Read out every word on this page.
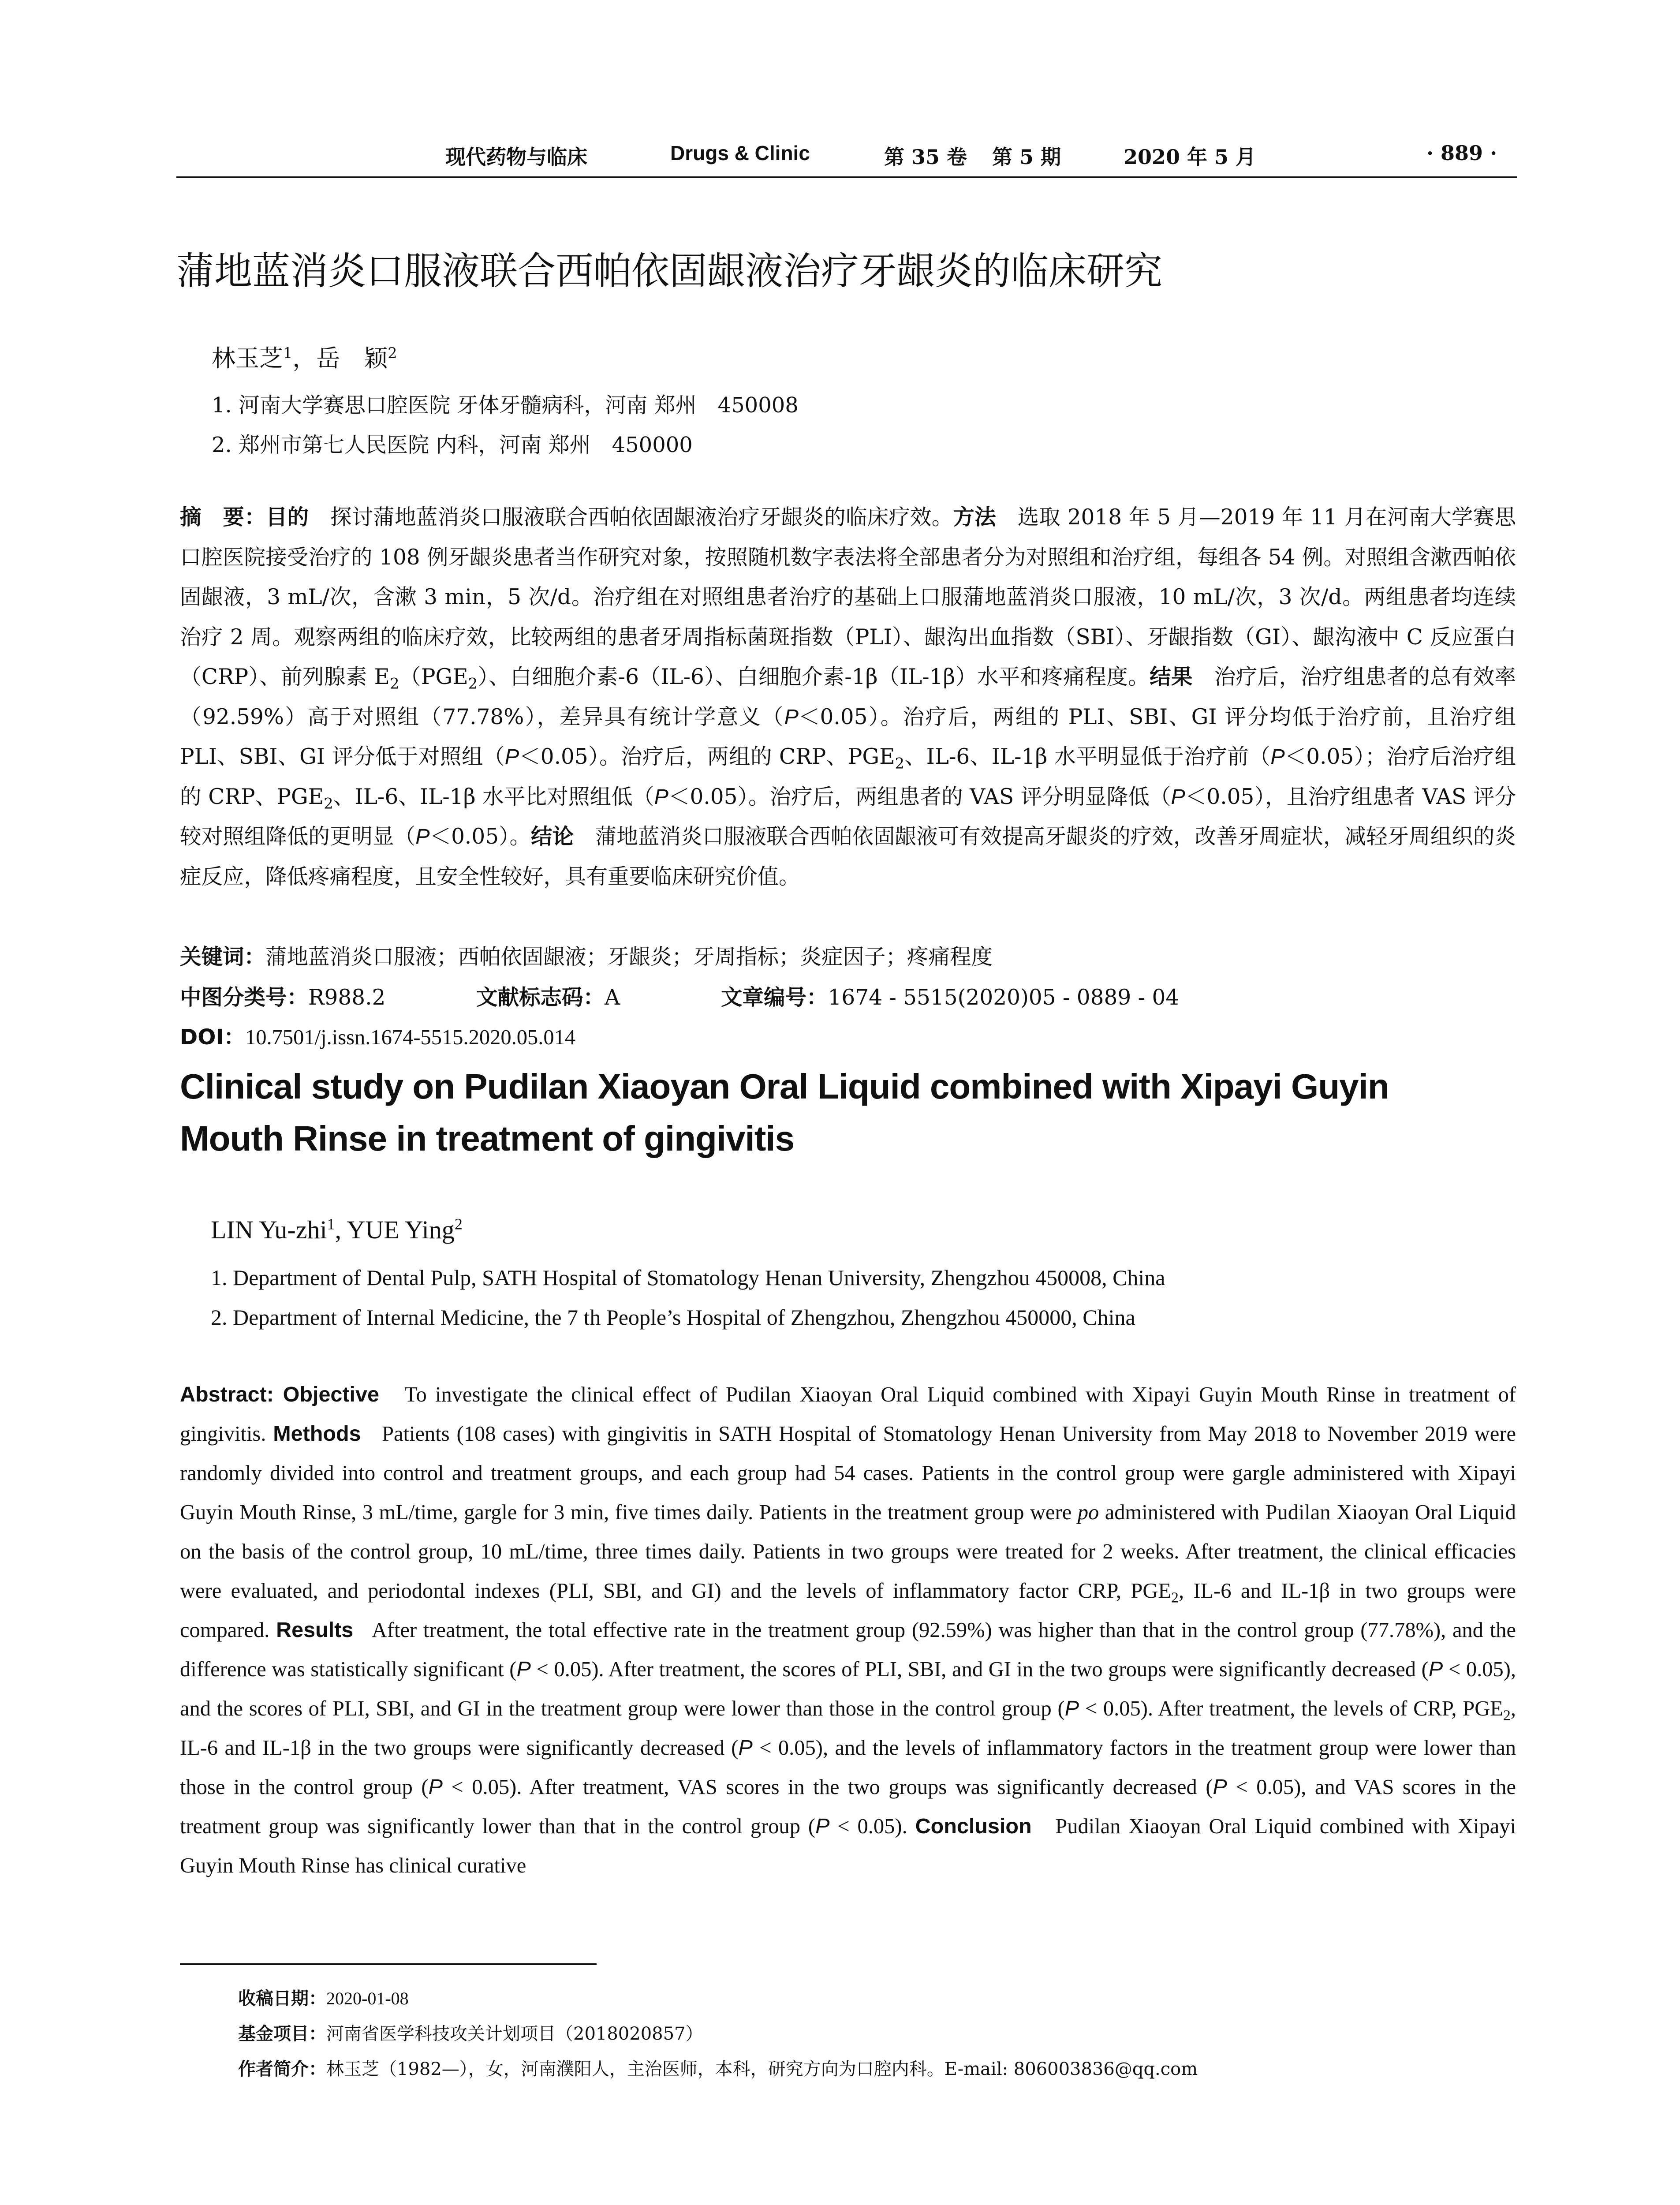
现代药物与临床	Drugs & Clinic	第 35 卷 第 5 期	2020 年 5 月	· 889 ·
蒲地蓝消炎口服液联合西帕依固龈液治疗牙龈炎的临床研究
林玉芝$^1$，岳　颖$^2$
1. 河南大学赛思口腔医院 牙体牙髓病科，河南 郑州　450008
2. 郑州市第七人民医院 内科，河南 郑州　450000
摘　要：目的　 探讨蒲地蓝消炎口服液联合西帕依固龈液治疗牙龈炎的临床疗效。方法　 选取 2018 年 5 月—2019 年 11 月在河南大学赛思口腔医院接受治疗的 108 例牙龈炎患者当作研究对象，按照随机数字表法将全部患者分为对照组和治疗组，每组各 54 例。对照组含漱西帕依固龈液，3 mL/次，含漱 3 min，5 次/d。治疗组在对照组患者治疗的基础上口服蒲地蓝消炎口服液，10 mL/次，3 次/d。两组患者均连续治疗 2 周。观察两组的临床疗效，比较两组的患者牙周指标菌斑指数（PLI）、龈沟出血指数（SBI）、牙龈指数（GI）、龈沟液中 C 反应蛋白（CRP）、前列腺素 $E_2(PGE_2)$、白细胞介素-6（IL-6）、白细胞介素-1β（IL-1β）水平和疼痛程度。结果　 治疗后，治疗组患者的总有效率（92.59%）高于对照组（77.78%），差异具有统计学意义（P＜0.05）。治疗后，两组的 PLI、SBI、GI 评分均低于治疗前，且治疗组 PLI、SBI、GI 评分低于对照组（P＜0.05）。治疗后，两组的 CRP、$PGE_2$、IL-6、IL-1β 水平明显低于治疗前（P＜0.05）；治疗后治疗组的 CRP、$PGE_2$、IL-6、IL-1β 水平比对照组低（P＜0.05）。治疗后，两组患者的 VAS 评分明显降低（P＜0.05），且治疗组患者 VAS 评分较对照组降低的更明显（P＜0.05）。结论　 蒲地蓝消炎口服液联合西帕依固龈液可有效提高牙龈炎的疗效，改善牙周症状，减轻牙周组织的炎症反应，降低疼痛程度，且安全性较好，具有重要临床研究价值。
关键词：蒲地蓝消炎口服液；西帕依固龈液；牙龈炎；牙周指标；炎症因子；疼痛程度
中图分类号：R988.2	文献标志码：A	文章编号：1674 - 5515(2020)05 - 0889 - 04
DOI：10.7501/j.issn.1674-5515.2020.05.014
Clinical study on Pudilan Xiaoyan Oral Liquid combined with Xipayi Guyin
Mouth Rinse in treatment of gingivitis
LIN Yu-zhi$^1$, YUE Ying$^2$
1. Department of Dental Pulp, SATH Hospital of Stomatology Henan University, Zhengzhou 450008, China
2. Department of Internal Medicine, the 7 th People’s Hospital of Zhengzhou, Zhengzhou 450000, China
Abstract: Objective To investigate the clinical effect of Pudilan Xiaoyan Oral Liquid combined with Xipayi Guyin Mouth Rinse in treatment of gingivitis. Methods Patients (108 cases) with gingivitis in SATH Hospital of Stomatology Henan University from May 2018 to November 2019 were randomly divided into control and treatment groups, and each group had 54 cases. Patients in the control group were gargle administered with Xipayi Guyin Mouth Rinse, 3 mL/time, gargle for 3 min, five times daily. Patients in the treatment group were po administered with Pudilan Xiaoyan Oral Liquid on the basis of the control group, 10 mL/time, three times daily. Patients in two groups were treated for 2 weeks. After treatment, the clinical efficacies were evaluated, and periodontal indexes (PLI, SBI, and GI) and the levels of inflammatory factor CRP, $PGE_2$, IL-6 and IL-1β in two groups were compared. Results After treatment, the total effective rate in the treatment group (92.59%) was higher than that in the control group (77.78%), and the difference was statistically significant (P < 0.05). After treatment, the scores of PLI, SBI, and GI in the two groups were significantly decreased (P < 0.05), and the scores of PLI, SBI, and GI in the treatment group were lower than those in the control group (P < 0.05). After treatment, the levels of CRP, $PGE_2$, IL-6 and IL-1β in the two groups were significantly decreased (P < 0.05), and the levels of inflammatory factors in the treatment group were lower than those in the control group (P < 0.05). After treatment, VAS scores in the two groups was significantly decreased (P < 0.05), and VAS scores in the treatment group was significantly lower than that in the control group (P < 0.05). Conclusion Pudilan Xiaoyan Oral Liquid combined with Xipayi Guyin Mouth Rinse has clinical curative
收稿日期：2020-01-08
基金项目：河南省医学科技攻关计划项目（2018020857）
作者简介：林玉芝（1982—），女，河南濮阳人，主治医师，本科，研究方向为口腔内科。E-mail: 806003836@qq.com
